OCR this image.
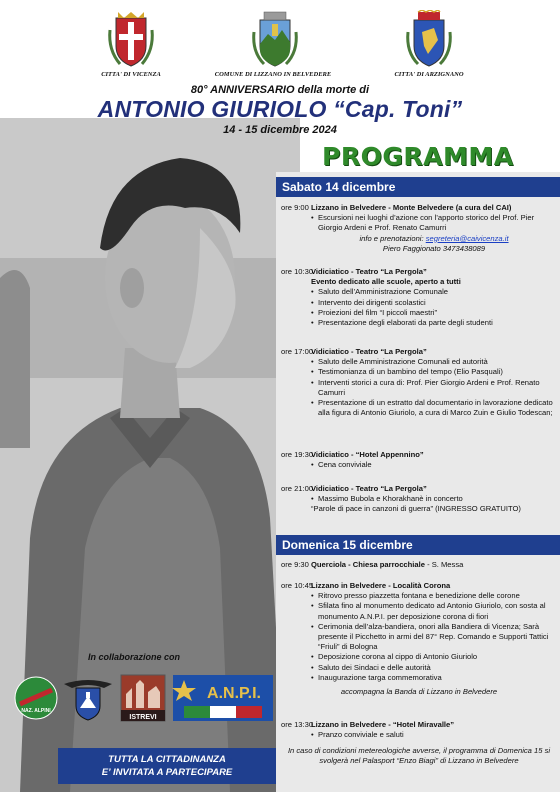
CITTA' DI VICENZA	COMUNE DI LIZZANO IN BELVEDERE	CITTA' DI ARZIGNANO
80° ANNIVERSARIO della morte di
ANTONIO GIURIOLO “Cap. Toni”
14 - 15 dicembre 2024
PROGRAMMA
Sabato 14 dicembre
ore 9:00 Lizzano in Belvedere - Monte Belvedere (a cura del CAI)
• Escursioni nei luoghi d’azione con l’apporto storico del Prof. Pier Giorgio Ardeni e Prof. Renato Camurri
info e prenotazioni: segreteria@caivicenza.it
Piero Faggionato 3473438089
ore 10:30
Vidiciatico - Teatro “La Pergola”
Evento dedicato alle scuole, aperto a tutti
• Saluto dell’Amministrazione Comunale
• Intervento dei dirigenti scolastici
• Proiezioni del film “I piccoli maestri”
• Presentazione degli elaborati da parte degli studenti
ore 17:00
Vidiciatico - Teatro “La Pergola”
• Saluto delle Amministrazione Comunali ed autorità
• Testimonianza di un bambino del tempo (Elio Pasquali)
• Interventi storici a cura di: Prof. Pier Giorgio Ardeni e Prof. Renato Camurri
• Presentazione di un estratto dal documentario in lavorazione dedicato alla figura di Antonio Giuriolo, a cura di Marco Zuin e Giulio Todescan;
ore 19:30
Vidiciatico - “Hotel Appennino”
• Cena conviviale
ore 21:00
Vidiciatico - Teatro “La Pergola”
• Massimo Bubola e Khorakhanè in concerto
“Parole di pace in canzoni di guerra” (INGRESSO GRATUITO)
Domenica 15 dicembre
ore 9:30 Querciola - Chiesa parrocchiale - S. Messa
ore 10:45
Lizzano in Belvedere - Località Corona
• Ritrovo presso piazzetta fontana e benedizione delle corone
• Sfilata fino al monumento dedicato ad Antonio Giuriolo, con sosta al monumento A.N.P.I. per deposizione corona di fiori
• Cerimonia dell’alza-bandiera, onori alla Bandiera di Vicenza; Sarà presente il Picchetto in armi del 87° Rep. Comando e Supporti Tattici “Friuli” di Bologna
• Deposizione corona al cippo di Antonio Giuriolo
• Saluto dei Sindaci e delle autorità
• Inaugurazione targa commemorativa
accompagna la Banda di Lizzano in Belvedere
ore 13:30
Lizzano in Belvedere - “Hotel Miravalle”
• Pranzo conviviale e saluti
In caso di condizioni metereologiche avverse, il programma di Domenica 15 si svolgerà nel Palasport “Enzo Biagi” di Lizzano in Belvedere
In collaborazione con
NAZ. ALPINI
ISTREVI
A.N.P.I.
TUTTA LA CITTADINANZA
E’ INVITATA A PARTECIPARE
